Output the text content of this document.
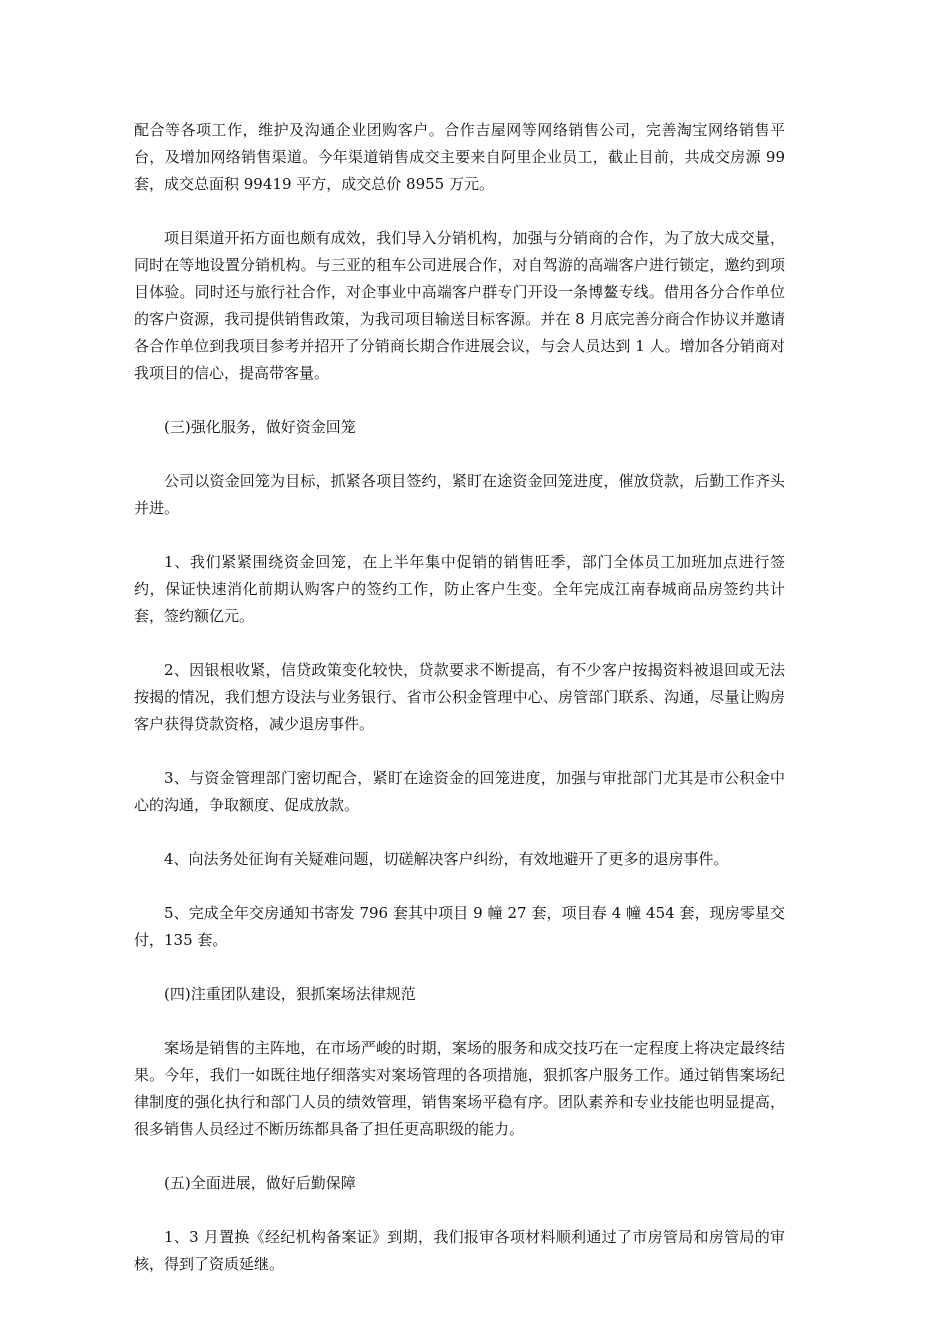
配合等各项工作，维护及沟通企业团购客户。合作吉屋网等网络销售公司，完善淘宝网络销售平台，及增加网络销售渠道。今年渠道销售成交主要来自阿里企业员工，截止目前，共成交房源 99 套，成交总面积 99419 平方，成交总价 8955 万元。

项目渠道开拓方面也颇有成效，我们导入分销机构，加强与分销商的合作，为了放大成交量，同时在等地设置分销机构。与三亚的租车公司进展合作，对自驾游的高端客户进行锁定，邀约到项目体验。同时还与旅行社合作，对企事业中高端客户群专门开设一条博鳌专线。借用各分合作单位的客户资源，我司提供销售政策，为我司项目输送目标客源。并在 8 月底完善分商合作协议并邀请各合作单位到我项目参考并招开了分销商长期合作进展会议，与会人员达到 1 人。增加各分销商对我项目的信心，提高带客量。

(三)强化服务，做好资金回笼

公司以资金回笼为目标，抓紧各项目签约，紧盯在途资金回笼进度，催放贷款，后勤工作齐头并进。

1、我们紧紧围绕资金回笼，在上半年集中促销的销售旺季，部门全体员工加班加点进行签约，保证快速消化前期认购客户的签约工作，防止客户生变。全年完成江南春城商品房签约共计套，签约额亿元。

2、因银根收紧，信贷政策变化较快，贷款要求不断提高，有不少客户按揭资料被退回或无法按揭的情况，我们想方设法与业务银行、省市公积金管理中心、房管部门联系、沟通，尽量让购房客户获得贷款资格，减少退房事件。

3、与资金管理部门密切配合，紧盯在途资金的回笼进度，加强与审批部门尤其是市公积金中心的沟通，争取额度、促成放款。

4、向法务处征询有关疑难问题，切磋解决客户纠纷，有效地避开了更多的退房事件。

5、完成全年交房通知书寄发 796 套其中项目 9 幢 27 套，项目春 4 幢 454 套，现房零星交付，135 套。

(四)注重团队建设，狠抓案场法律规范

案场是销售的主阵地，在市场严峻的时期，案场的服务和成交技巧在一定程度上将决定最终结果。今年，我们一如既往地仔细落实对案场管理的各项措施，狠抓客户服务工作。通过销售案场纪律制度的强化执行和部门人员的绩效管理，销售案场平稳有序。团队素养和专业技能也明显提高，很多销售人员经过不断历练都具备了担任更高职级的能力。

(五)全面进展，做好后勤保障

1、3 月置换《经纪机构备案证》到期，我们报审各项材料顺利通过了市房管局和房管局的审核，得到了资质延继。
